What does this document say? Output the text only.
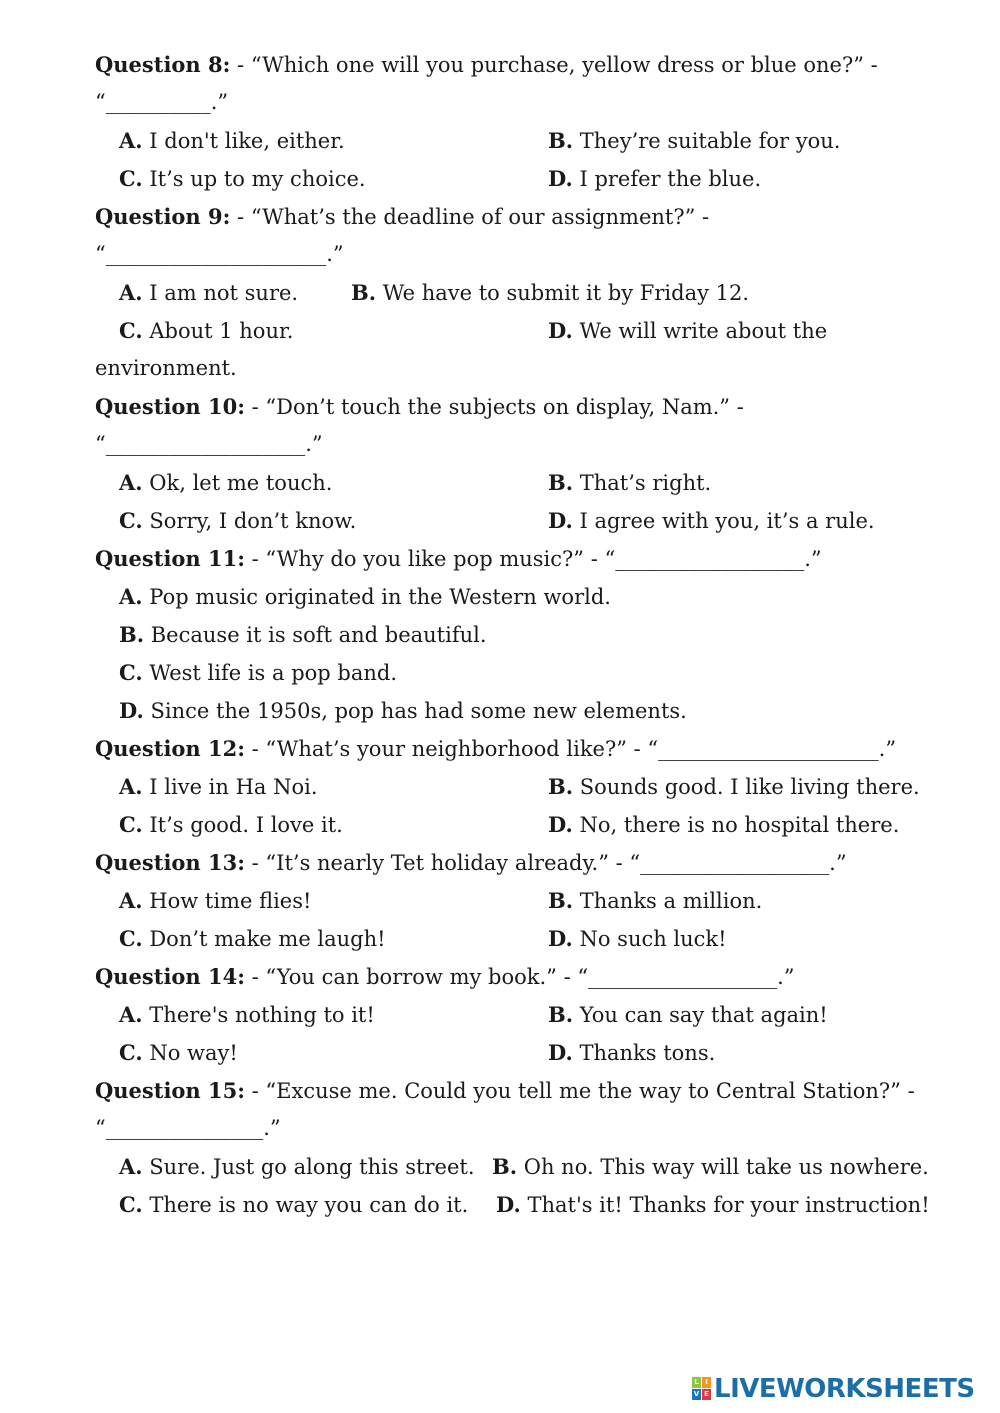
Question 8: - “Which one will you purchase, yellow dress or blue one?” -
“__________.”
A. I don't like, either.	B. They’re suitable for you.
C. It’s up to my choice.	D. I prefer the blue.
Question 9: - “What’s the deadline of our assignment?” -
“_____________________.”
A. I am not sure.	B. We have to submit it by Friday 12.
C. About 1 hour.	D. We will write about the
environment.
Question 10: - “Don’t touch the subjects on display, Nam.” -
“___________________.”
A. Ok, let me touch.	B. That’s right.
C. Sorry, I don’t know.	D. I agree with you, it’s a rule.
Question 11: - “Why do you like pop music?” - “__________________.”
A. Pop music originated in the Western world.
B. Because it is soft and beautiful.
C. West life is a pop band.
D. Since the 1950s, pop has had some new elements.
Question 12: - “What’s your neighborhood like?” - “_____________________.”
A. I live in Ha Noi.	B. Sounds good. I like living there.
C. It’s good. I love it.	D. No, there is no hospital there.
Question 13: - “It’s nearly Tet holiday already.” - “__________________.”
A. How time flies!	B. Thanks a million.
C. Don’t make me laugh!	D. No such luck!
Question 14: - “You can borrow my book.” - “__________________.”
A. There's nothing to it!	B. You can say that again!
C. No way!	D. Thanks tons.
Question 15: - “Excuse me. Could you tell me the way to Central Station?” -
“_______________.”
A. Sure. Just go along this street. B. Oh no. This way will take us nowhere.
C. There is no way you can do it. D. That's it! Thanks for your instruction!
L I
V E LIVEWORKSHEETS
